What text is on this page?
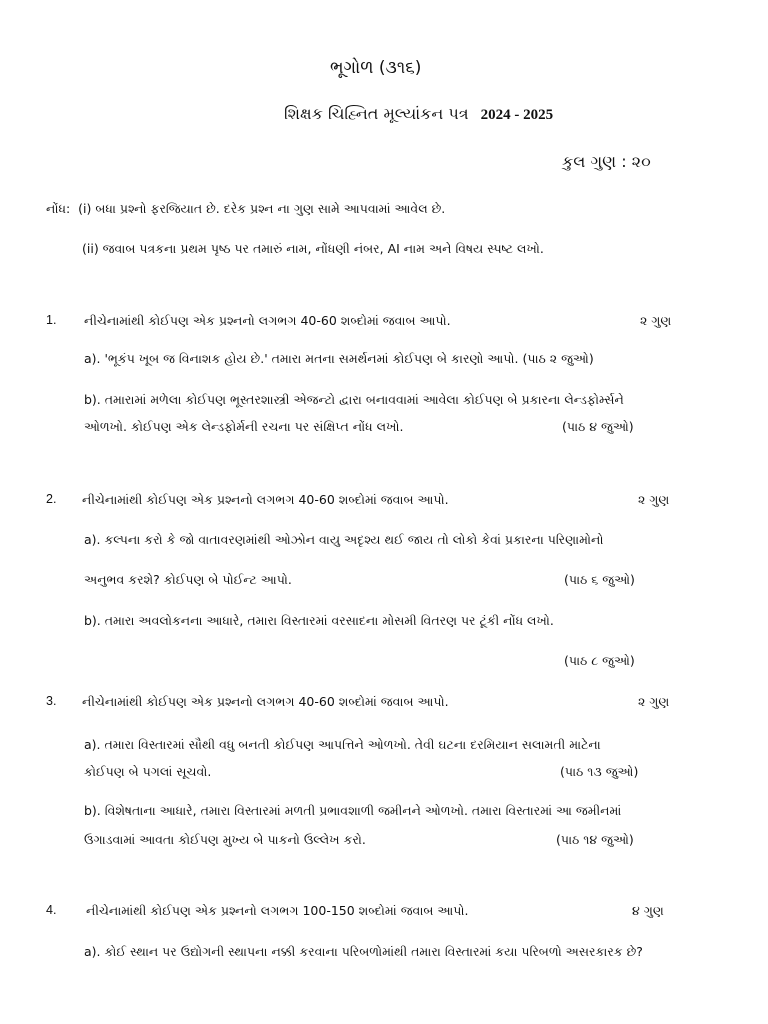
ભૂગોળ (૩૧૬)
શિક્ષક ચિહ્નિત મૂલ્યાંકન પત્ર 2024 - 2025
કુલ ગુણ : ૨૦
નોંધ: (i) બધા પ્રશ્નો ફરજિયાત છે. દરેક પ્રશ્ન ના ગુણ સામે આપવામાં આવેલ છે.
(ii) જવાબ પત્રકના પ્રથમ પૃષ્ઠ પર તમારું નામ, નોંધણી નંબર, AI નામ અને વિષય સ્પષ્ટ લખો.
1. નીચેનામાંથી કોઈપણ એક પ્રશ્નનો લગભગ 40-60 શબ્દોમાં જવાબ આપો.	૨ ગુણ
a). 'ભૂકંપ ખૂબ જ વિનાશક હોય છે.' તમારા મતના સમર્થનમાં કોઈપણ બે કારણો આપો. (પાઠ ૨ જુઓ)
b). તમારામાં મળેલા કોઈપણ ભૂસ્તરશાસ્ત્રી એજન્ટો દ્વારા બનાવવામાં આવેલા કોઈપણ બે પ્રકારના લેન્ડફોર્મ્સને
ઓળખો. કોઈપણ એક લેન્ડફોર્મની રચના પર સંક્ષિપ્ત નોંધ લખો.	(પાઠ ૪ જુઓ)
2. નીચેનામાંથી કોઈપણ એક પ્રશ્નનો લગભગ 40-60 શબ્દોમાં જવાબ આપો.	૨ ગુણ
a). કલ્પના કરો કે જો વાતાવરણમાંથી ઓઝોન વાયુ અદૃશ્ય થઈ જાય તો લોકો કેવાં પ્રકારના પરિણામોનો
અનુભવ કરશે? કોઈપણ બે પોઈન્ટ આપો.	(પાઠ ૬ જુઓ)
b). તમારા અવલોકનના આધારે, તમારા વિસ્તારમાં વરસાદના મોસમી વિતરણ પર ટૂંકી નોંધ લખો.
(પાઠ ૮ જુઓ)
3. નીચેનામાંથી કોઈપણ એક પ્રશ્નનો લગભગ 40-60 શબ્દોમાં જવાબ આપો.	૨ ગુણ
a). તમારા વિસ્તારમાં સૌથી વધુ બનતી કોઈપણ આપત્તિને ઓળખો. તેવી ઘટના દરમિયાન સલામતી માટેના
કોઈપણ બે પગલાં સૂચવો.	(પાઠ ૧૩ જુઓ)
b). વિશેષતાના આધારે, તમારા વિસ્તારમાં મળતી પ્રભાવશાળી જમીનને ઓળખો. તમારા વિસ્તારમાં આ જમીનમાં
ઉગાડવામાં આવતા કોઈપણ મુખ્ય બે પાકનો ઉલ્લેખ કરો.	(પાઠ ૧૪ જુઓ)
4. નીચેનામાંથી કોઈપણ એક પ્રશ્નનો લગભગ 100-150 શબ્દોમાં જવાબ આપો.	૪ ગુણ
a). કોઈ સ્થાન પર ઉદ્યોગની સ્થાપના નક્કી કરવાના પરિબળોમાંથી તમારા વિસ્તારમાં કયા પરિબળો અસરકારક છે?
